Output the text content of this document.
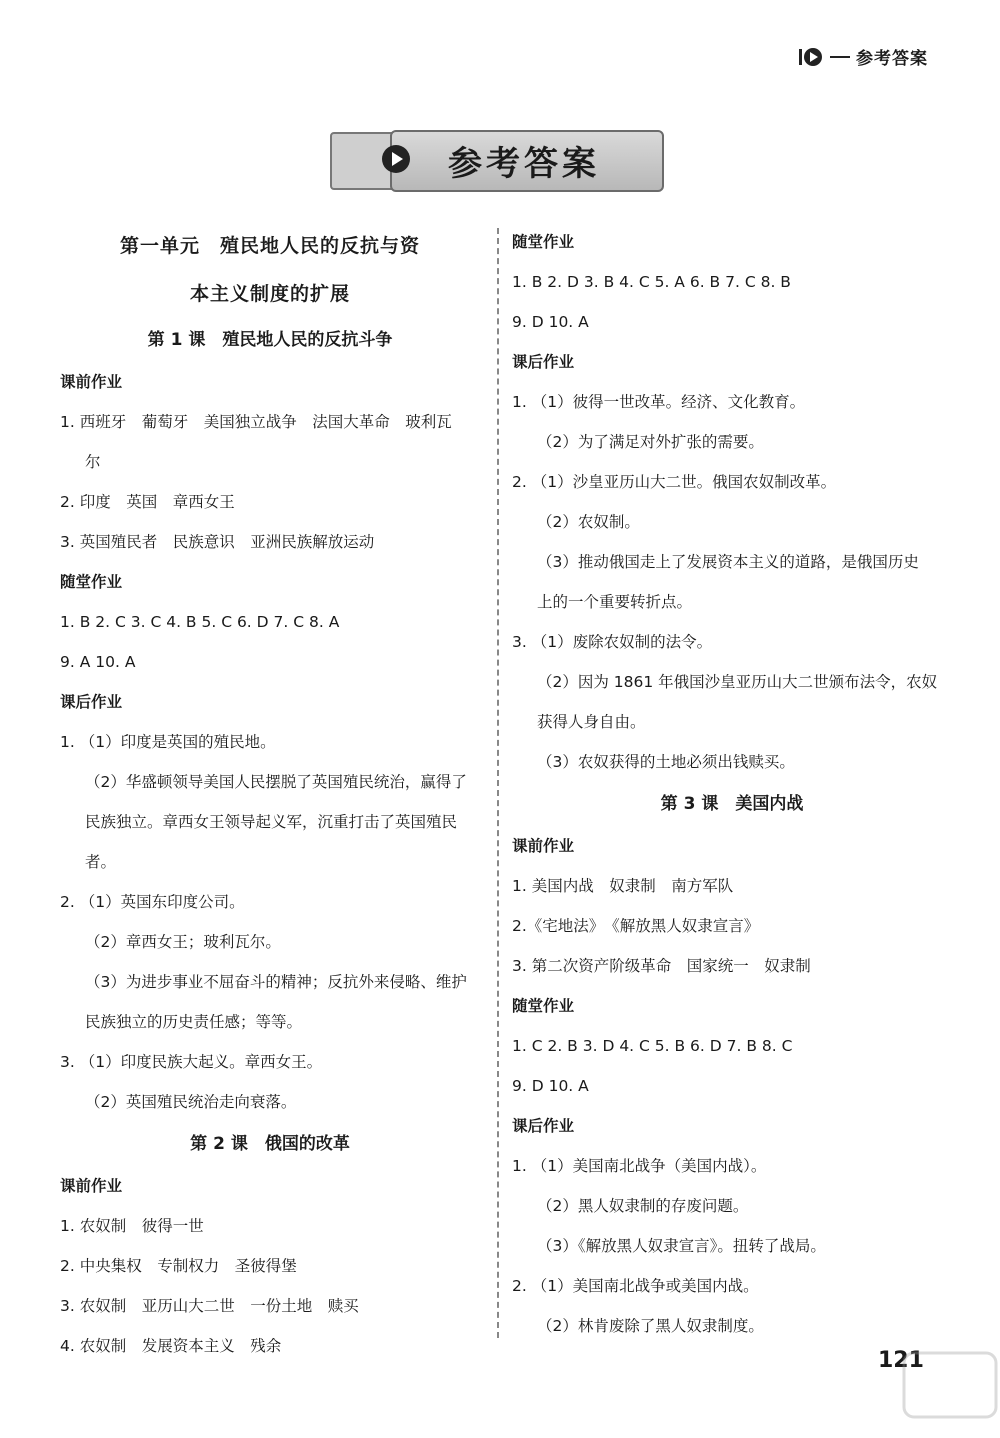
参考答案
参考答案
第一单元　殖民地人民的反抗与资
本主义制度的扩展
第 1 课　殖民地人民的反抗斗争
课前作业
1. 西班牙　葡萄牙　美国独立战争　法国大革命　玻利瓦
尔
2. 印度　英国　章西女王
3. 英国殖民者　民族意识　亚洲民族解放运动
随堂作业
1. B 2. C 3. C 4. B 5. C 6. D 7. C 8. A
9. A 10. A
课后作业
1. （1）印度是英国的殖民地。
（2）华盛顿领导美国人民摆脱了英国殖民统治，赢得了
民族独立。章西女王领导起义军，沉重打击了英国殖民
者。
2. （1）英国东印度公司。
（2）章西女王；玻利瓦尔。
（3）为进步事业不屈奋斗的精神；反抗外来侵略、维护
民族独立的历史责任感；等等。
3. （1）印度民族大起义。章西女王。
（2）英国殖民统治走向衰落。
第 2 课　俄国的改革
课前作业
1. 农奴制　彼得一世
2. 中央集权　专制权力　圣彼得堡
3. 农奴制　亚历山大二世　一份土地　赎买
4. 农奴制　发展资本主义　残余
随堂作业
1. B 2. D 3. B 4. C 5. A 6. B 7. C 8. B
9. D 10. A
课后作业
1. （1）彼得一世改革。经济、文化教育。
（2）为了满足对外扩张的需要。
2. （1）沙皇亚历山大二世。俄国农奴制改革。
（2）农奴制。
（3）推动俄国走上了发展资本主义的道路，是俄国历史
上的一个重要转折点。
3. （1）废除农奴制的法令。
（2）因为 1861 年俄国沙皇亚历山大二世颁布法令，农奴
获得人身自由。
（3）农奴获得的土地必须出钱赎买。
第 3 课　美国内战
课前作业
1. 美国内战　奴隶制　南方军队
2.《宅地法》　《解放黑人奴隶宣言》
3. 第二次资产阶级革命　国家统一　奴隶制
随堂作业
1. C 2. B 3. D 4. C 5. B 6. D 7. B 8. C
9. D 10. A
课后作业
1. （1）美国南北战争（美国内战）。
（2）黑人奴隶制的存废问题。
（3）《解放黑人奴隶宣言》。扭转了战局。
2. （1）美国南北战争或美国内战。
（2）林肯废除了黑人奴隶制度。
121
